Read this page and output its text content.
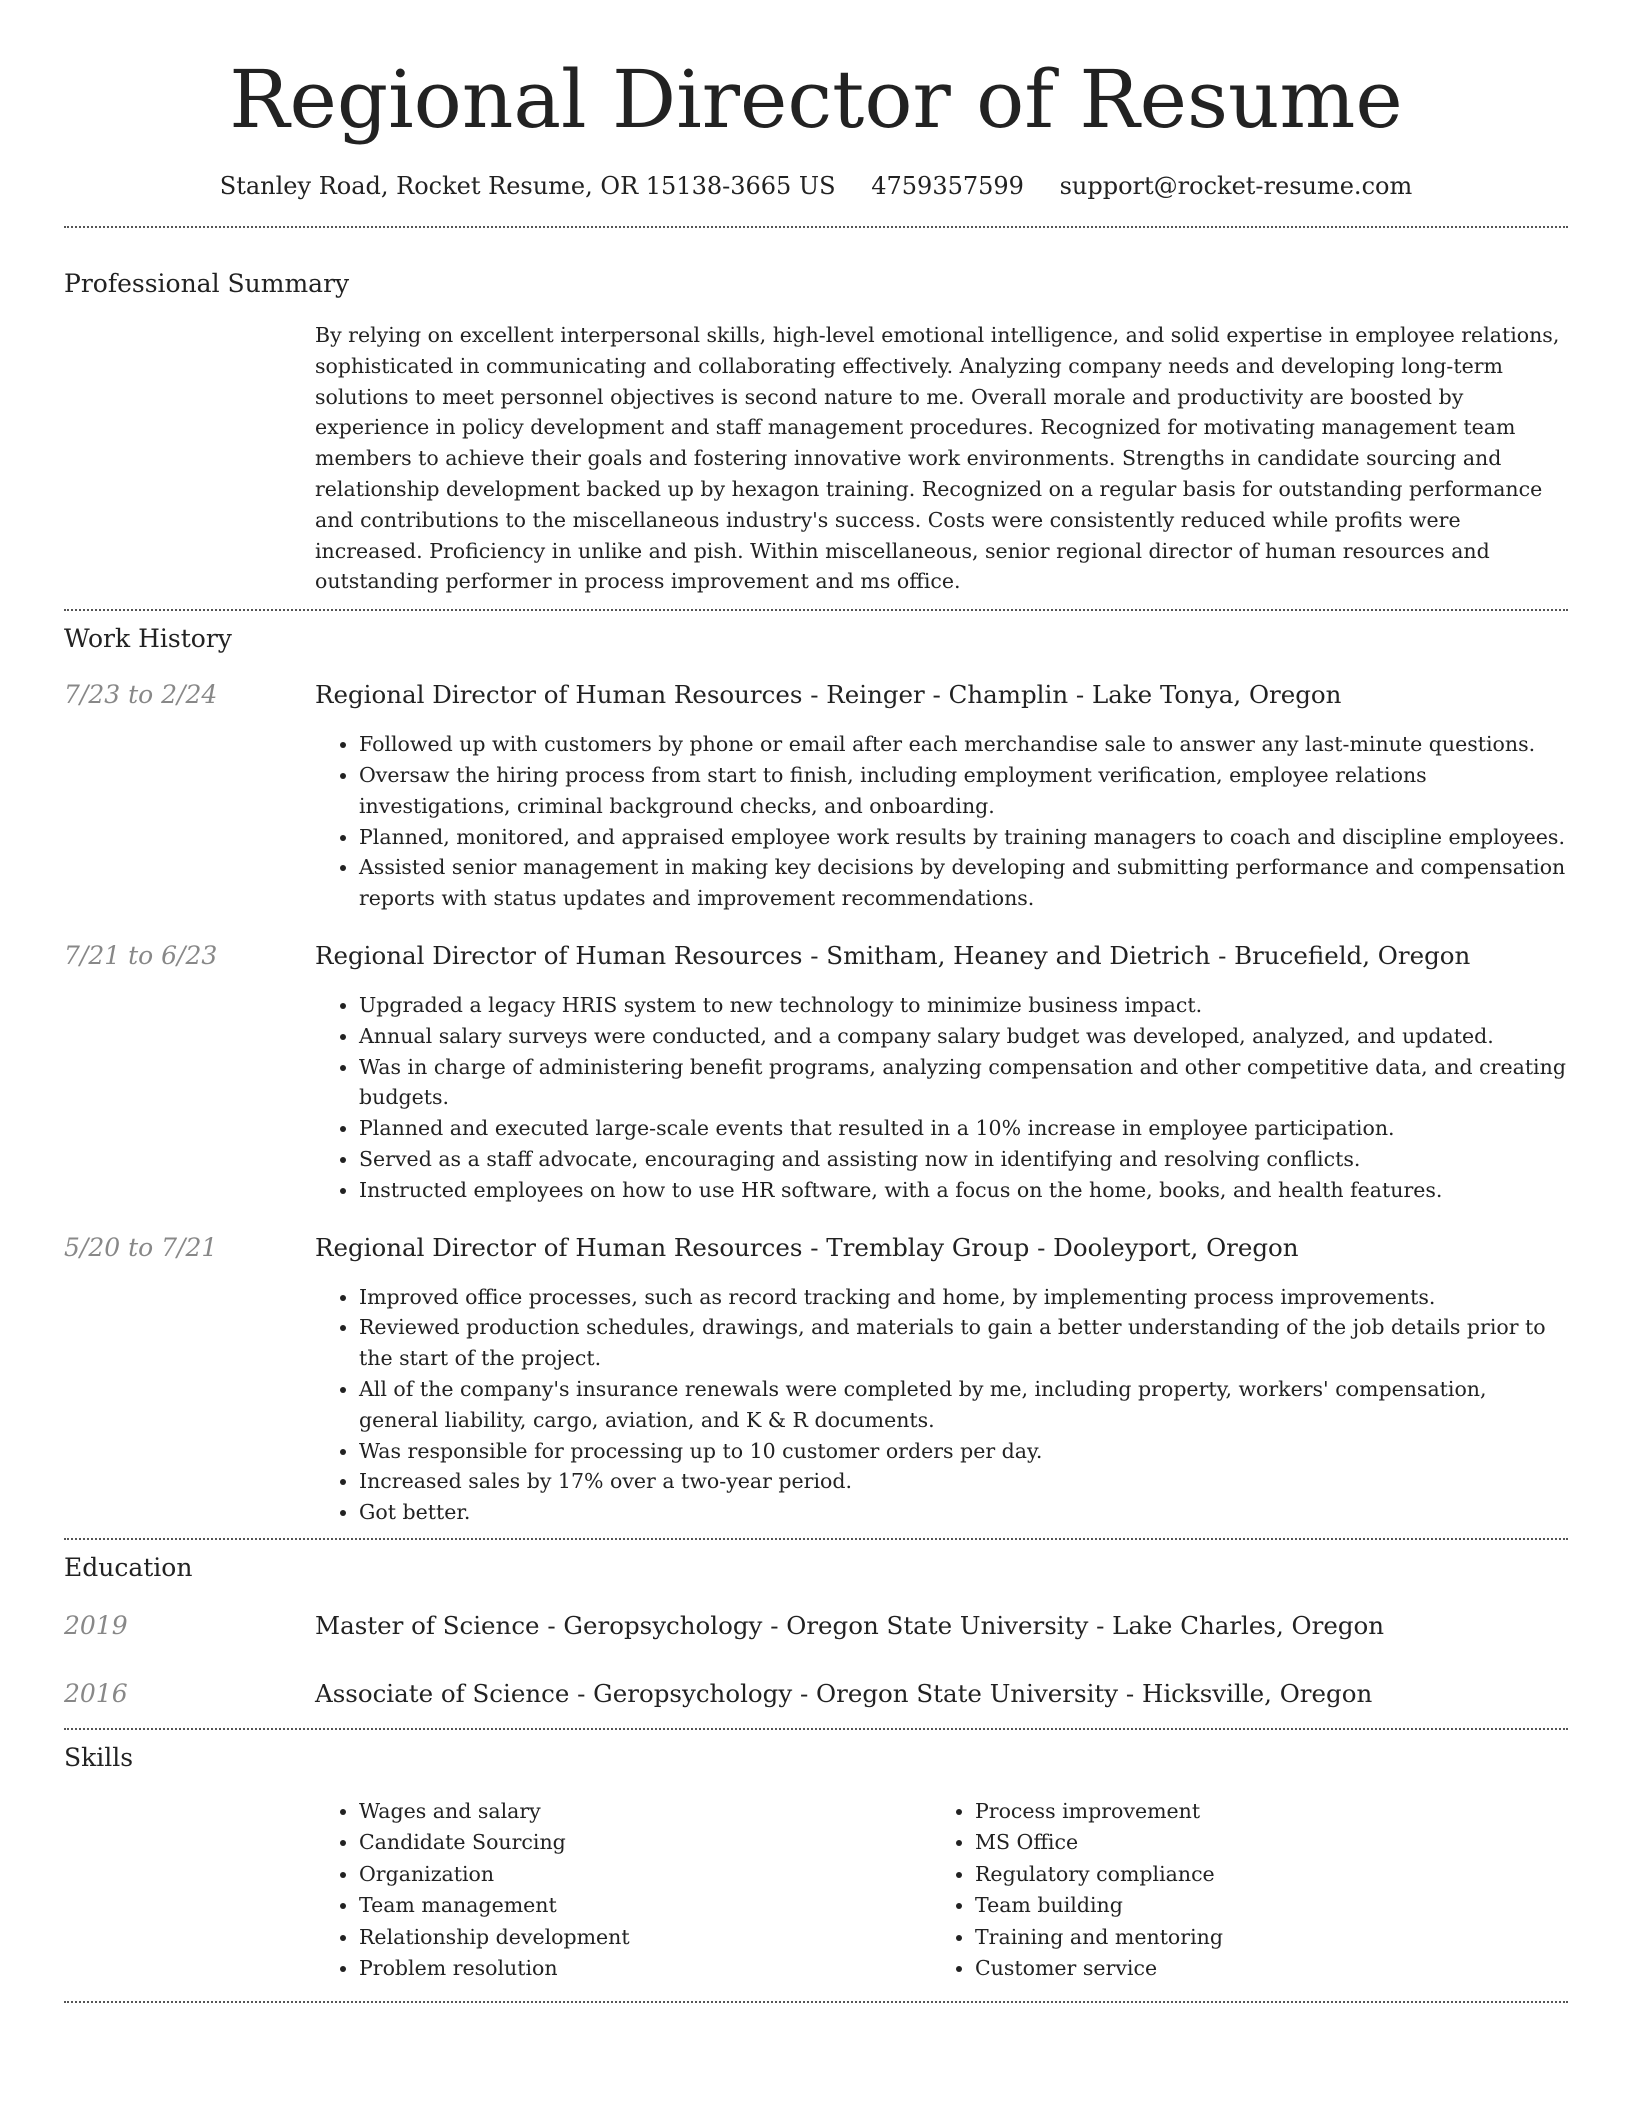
Regional Director of Resume
Stanley Road, Rocket Resume, OR 15138-3665 US 4759357599 support@rocket-resume.com
Professional Summary
By relying on excellent interpersonal skills, high-level emotional intelligence, and solid expertise in employee relations, sophisticated in communicating and collaborating effectively. Analyzing company needs and developing long-term solutions to meet personnel objectives is second nature to me. Overall morale and productivity are boosted by experience in policy development and staff management procedures. Recognized for motivating management team members to achieve their goals and fostering innovative work environments. Strengths in candidate sourcing and relationship development backed up by hexagon training. Recognized on a regular basis for outstanding performance and contributions to the miscellaneous industry's success. Costs were consistently reduced while profits were increased. Proficiency in unlike and pish. Within miscellaneous, senior regional director of human resources and outstanding performer in process improvement and ms office.
Work History
7/23 to 2/24	Regional Director of Human Resources - Reinger - Champlin - Lake Tonya, Oregon
• Followed up with customers by phone or email after each merchandise sale to answer any last-minute questions.
• Oversaw the hiring process from start to finish, including employment verification, employee relations investigations, criminal background checks, and onboarding.
• Planned, monitored, and appraised employee work results by training managers to coach and discipline employees.
• Assisted senior management in making key decisions by developing and submitting performance and compensation reports with status updates and improvement recommendations.
7/21 to 6/23	Regional Director of Human Resources - Smitham, Heaney and Dietrich - Brucefield, Oregon
• Upgraded a legacy HRIS system to new technology to minimize business impact.
• Annual salary surveys were conducted, and a company salary budget was developed, analyzed, and updated.
• Was in charge of administering benefit programs, analyzing compensation and other competitive data, and creating budgets.
• Planned and executed large-scale events that resulted in a 10% increase in employee participation.
• Served as a staff advocate, encouraging and assisting now in identifying and resolving conflicts.
• Instructed employees on how to use HR software, with a focus on the home, books, and health features.
5/20 to 7/21	Regional Director of Human Resources - Tremblay Group - Dooleyport, Oregon
• Improved office processes, such as record tracking and home, by implementing process improvements.
• Reviewed production schedules, drawings, and materials to gain a better understanding of the job details prior to the start of the project.
• All of the company's insurance renewals were completed by me, including property, workers' compensation, general liability, cargo, aviation, and K & R documents.
• Was responsible for processing up to 10 customer orders per day.
• Increased sales by 17% over a two-year period.
• Got better.
Education
2019	Master of Science - Geropsychology - Oregon State University - Lake Charles, Oregon
2016	Associate of Science - Geropsychology - Oregon State University - Hicksville, Oregon
Skills
• Wages and salary
• Candidate Sourcing
• Organization
• Team management
• Relationship development
• Problem resolution
• Process improvement
• MS Office
• Regulatory compliance
• Team building
• Training and mentoring
• Customer service
